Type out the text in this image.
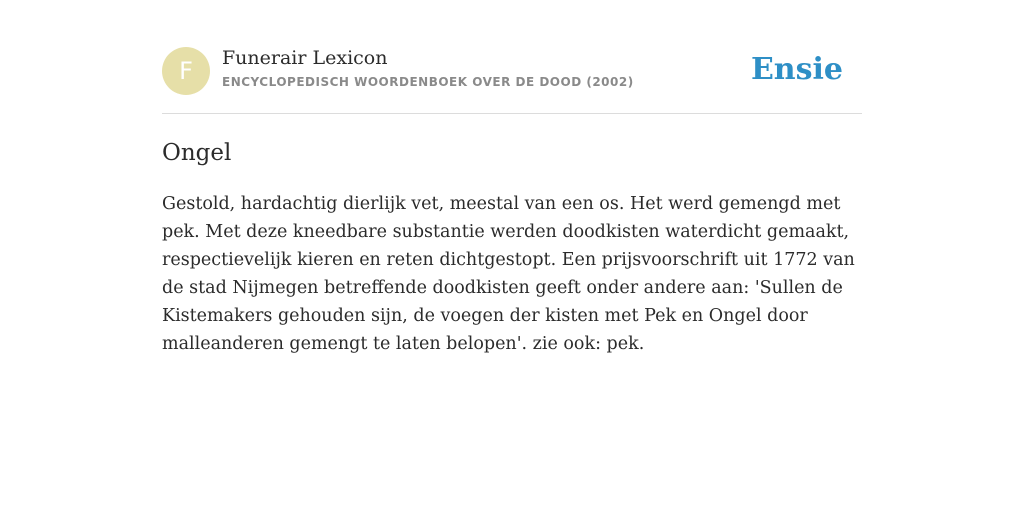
F	Funerair Lexicon
ENCYCLOPEDISCH WOORDENBOEK OVER DE DOOD (2002)	Ensie
Ongel

Gestold, hardachtig dierlijk vet, meestal van een os. Het werd gemengd met pek. Met deze kneedbare substantie werden doodkisten waterdicht gemaakt, respectievelijk kieren en reten dichtgestopt. Een prijsvoorschrift uit 1772 van de stad Nijmegen betreffende doodkisten geeft onder andere aan: 'Sullen de Kistemakers gehouden sijn, de voegen der kisten met Pek en Ongel door malleanderen gemengt te laten belopen'. zie ook: pek.
